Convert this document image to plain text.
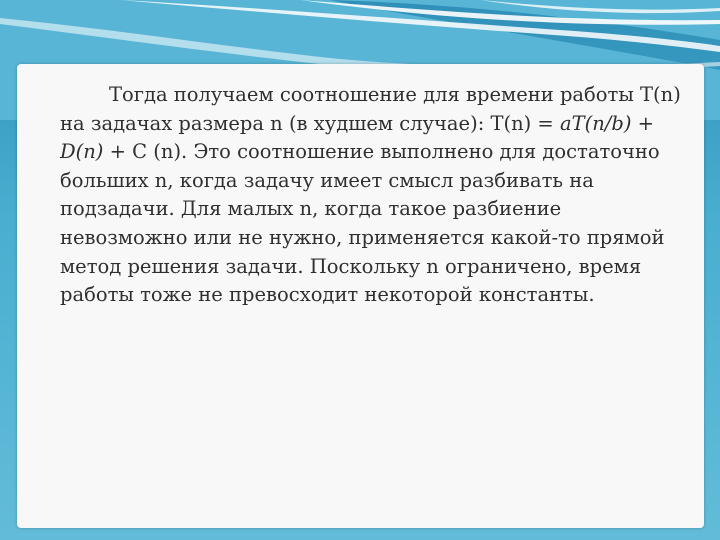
Тогда получаем соотношение для времени работы T(n) на задачах размера n (в худшем случае): T(n) = aT(n/b) + D(n) + C (n). Это соотношение выполнено для достаточно больших n, когда задачу имеет смысл разбивать на подзадачи. Для малых n, когда такое разбиение невозможно или не нужно, применяется какой-то прямой метод решения задачи. Поскольку n ограничено, время работы тоже не превосходит некоторой константы.
